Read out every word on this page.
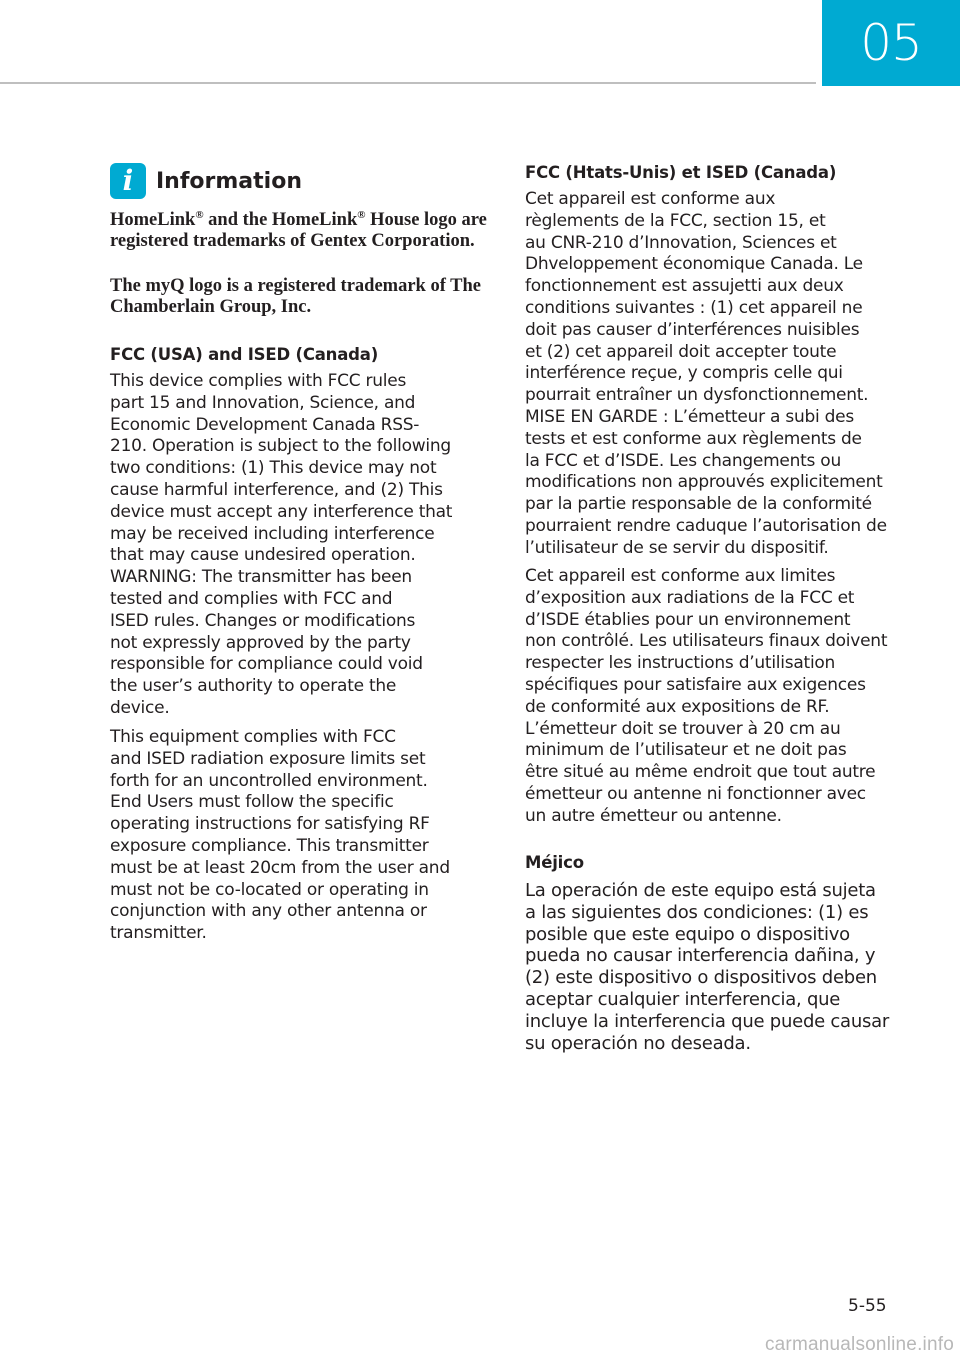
05
i Information

HomeLink® and the HomeLink® House logo are registered trademarks of Gentex Corporation.

The myQ logo is a registered trademark of The Chamberlain Group, Inc.

FCC (USA) and ISED (Canada)

This device complies with FCC rules
part 15 and Innovation, Science, and
Economic Development Canada RSS-
210. Operation is subject to the following
two conditions: (1) This device may not
cause harmful interference, and (2) This
device must accept any interference that
may be received including interference
that may cause undesired operation.
WARNING: The transmitter has been
tested and complies with FCC and
ISED rules. Changes or modifications
not expressly approved by the party
responsible for compliance could void
the user’s authority to operate the
device.

This equipment complies with FCC
and ISED radiation exposure limits set
forth for an uncontrolled environment.
End Users must follow the specific
operating instructions for satisfying RF
exposure compliance. This transmitter
must be at least 20cm from the user and
must not be co-located or operating in
conjunction with any other antenna or
transmitter.

FCC (Htats-Unis) et ISED (Canada)

Cet appareil est conforme aux
règlements de la FCC, section 15, et
au CNR-210 d’Innovation, Sciences et
Dhveloppement économique Canada. Le
fonctionnement est assujetti aux deux
conditions suivantes : (1) cet appareil ne
doit pas causer d’interférences nuisibles
et (2) cet appareil doit accepter toute
interférence reçue, y compris celle qui
pourrait entraîner un dysfonctionnement.
MISE EN GARDE : L’émetteur a subi des
tests et est conforme aux règlements de
la FCC et d’ISDE. Les changements ou
modifications non approuvés explicitement
par la partie responsable de la conformité
pourraient rendre caduque l’autorisation de
l’utilisateur de se servir du dispositif.

Cet appareil est conforme aux limites
d’exposition aux radiations de la FCC et
d’ISDE établies pour un environnement
non contrôlé. Les utilisateurs finaux doivent
respecter les instructions d’utilisation
spécifiques pour satisfaire aux exigences
de conformité aux expositions de RF.
L’émetteur doit se trouver à 20 cm au
minimum de l’utilisateur et ne doit pas
être situé au même endroit que tout autre
émetteur ou antenne ni fonctionner avec
un autre émetteur ou antenne.

Méjico

La operación de este equipo está sujeta
a las siguientes dos condiciones: (1) es
posible que este equipo o dispositivo
pueda no causar interferencia dañina, y
(2) este dispositivo o dispositivos deben
aceptar cualquier interferencia, que
incluye la interferencia que puede causar
su operación no deseada.

5-55
carmanualsonline.info
